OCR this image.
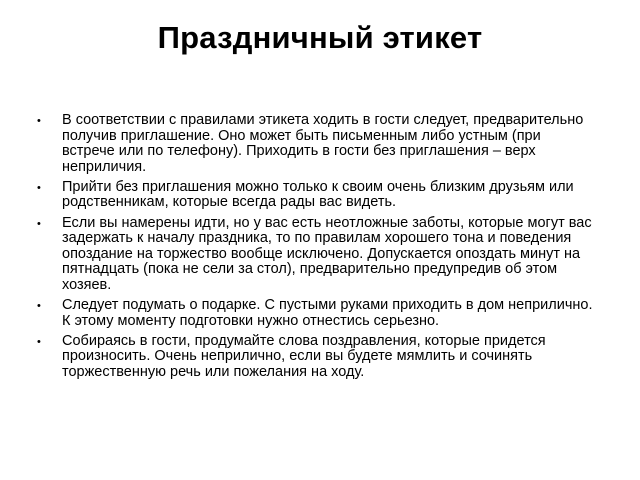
Праздничный этикет
• В соответствии с правилами этикета ходить в гости следует, предварительно получив приглашение. Оно может быть письменным либо устным (при встрече или по телефону). Приходить в гости без приглашения – верх неприличия.
• Прийти без приглашения можно только к своим очень близким друзьям или родственникам, которые всегда рады вас видеть.
• Если вы намерены идти, но у вас есть неотложные заботы, которые могут вас задержать к началу праздника, то по правилам хорошего тона и поведения опоздание на торжество вообще исключено. Допускается опоздать минут на пятнадцать (пока не сели за стол), предварительно предупредив об этом хозяев.
• Следует подумать о подарке. С пустыми руками приходить в дом неприлично. К этому моменту подготовки нужно отнестись серьезно.
• Собираясь в гости, продумайте слова поздравления, которые придется произносить. Очень неприлично, если вы будете мямлить и сочинять торжественную речь или пожелания на ходу.
